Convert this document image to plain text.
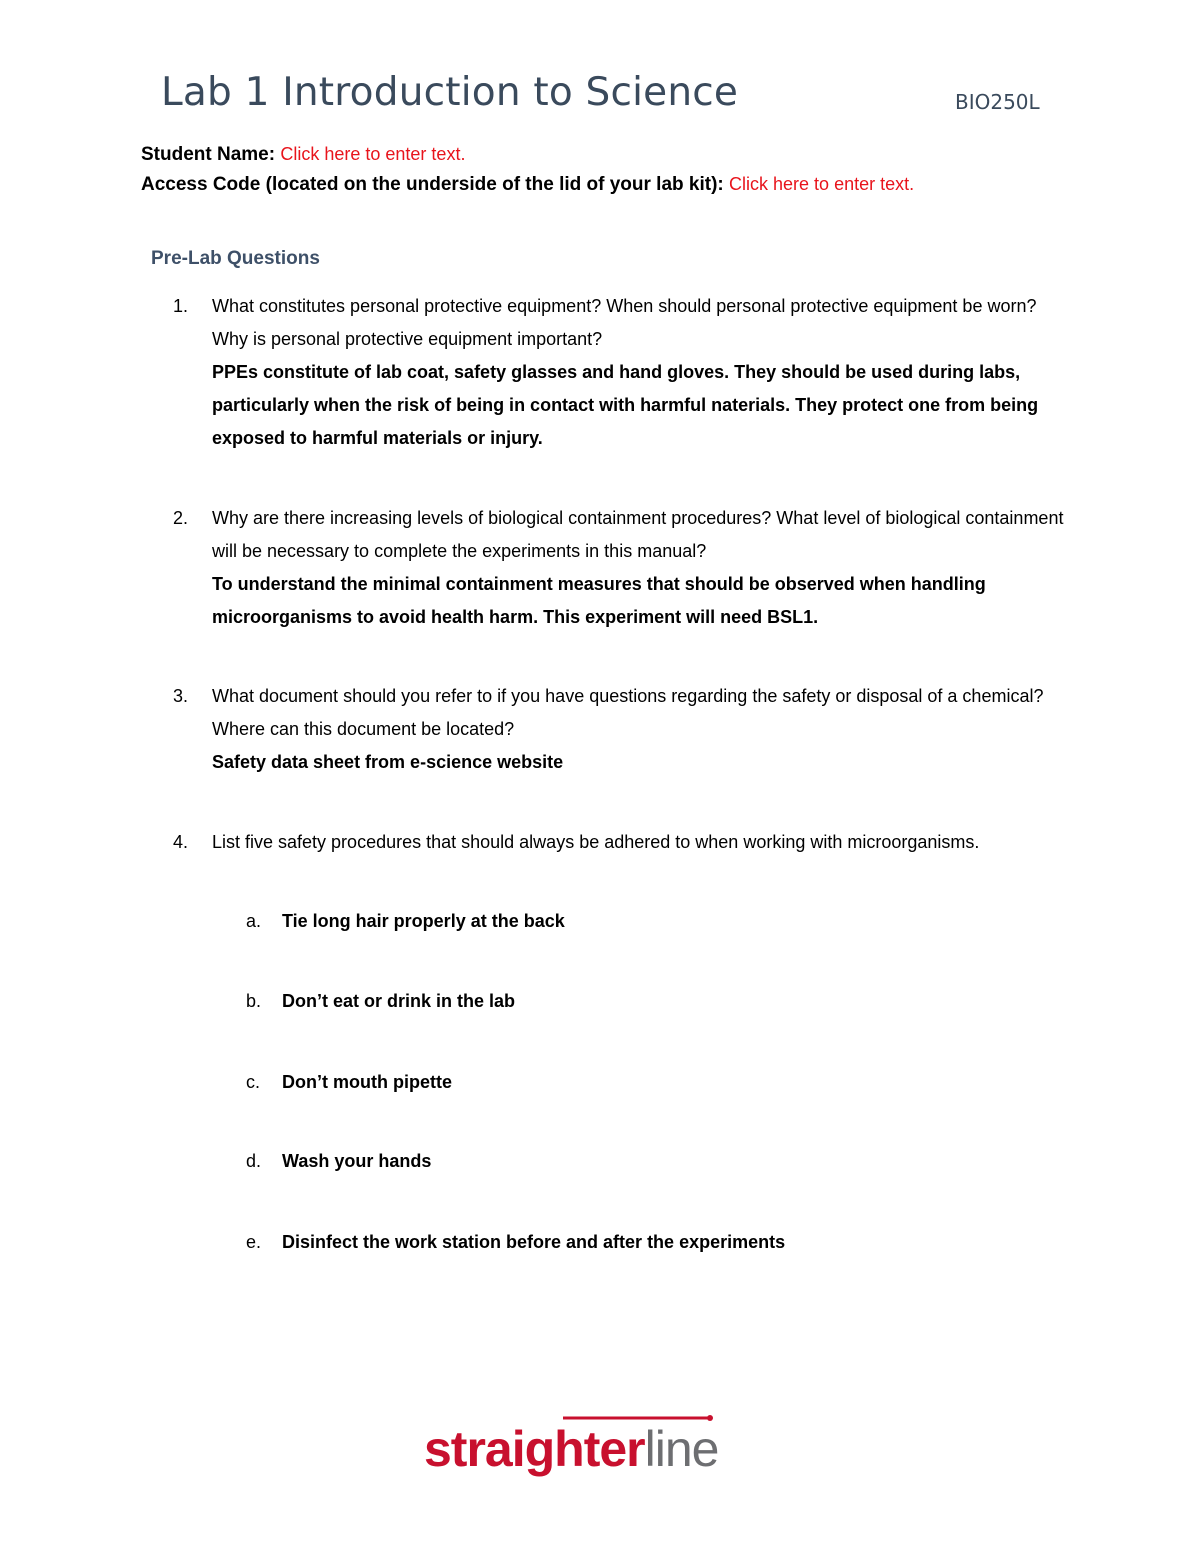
Lab 1 Introduction to Science	BIO250L
Student Name: Click here to enter text.
Access Code (located on the underside of the lid of your lab kit): Click here to enter text.
Pre-Lab Questions
1. What constitutes personal protective equipment? When should personal protective equipment be worn? Why is personal protective equipment important?

PPEs constitute of lab coat, safety glasses and hand gloves. They should be used during labs, particularly when the risk of being in contact with harmful naterials. They protect one from being exposed to harmful materials or injury.

2. Why are there increasing levels of biological containment procedures? What level of biological containment will be necessary to complete the experiments in this manual?

To understand the minimal containment measures that should be observed when handling microorganisms to avoid health harm. This experiment will need BSL1.

3. What document should you refer to if you have questions regarding the safety or disposal of a chemical? Where can this document be located?

Safety data sheet from e-science website

4. List five safety procedures that should always be adhered to when working with microorganisms.

a. Tie long hair properly at the back
b. Don’t eat or drink in the lab
c. Don’t mouth pipette
d. Wash your hands
e. Disinfect the work station before and after the experiments
straighterline
